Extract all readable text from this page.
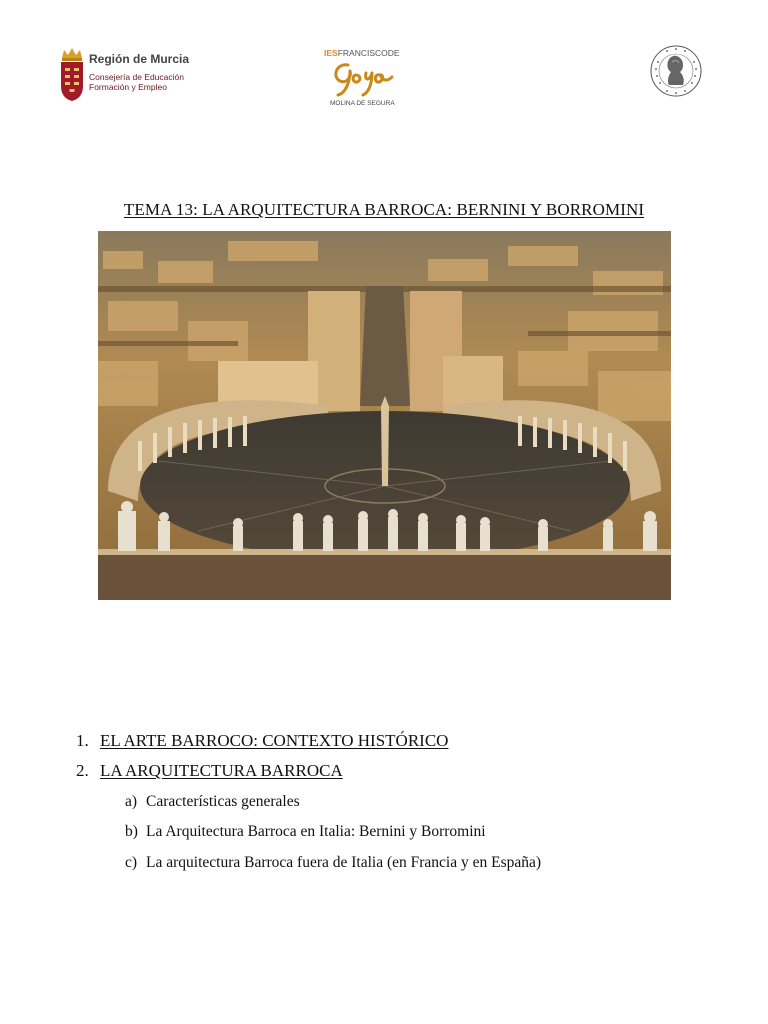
Región de Murcia
Consejería de Educación
Formación y Empleo
IESFRANCISCODE
MOLINA DE SEGURA
TEMA 13: LA ARQUITECTURA BARROCA: BERNINI Y BORROMINI
1. EL ARTE BARROCO: CONTEXTO HISTÓRICO
2. LA ARQUITECTURA BARROCA
a) Características generales
b) La Arquitectura Barroca en Italia: Bernini y Borromini
c) La arquitectura Barroca fuera de Italia (en Francia y en España)
